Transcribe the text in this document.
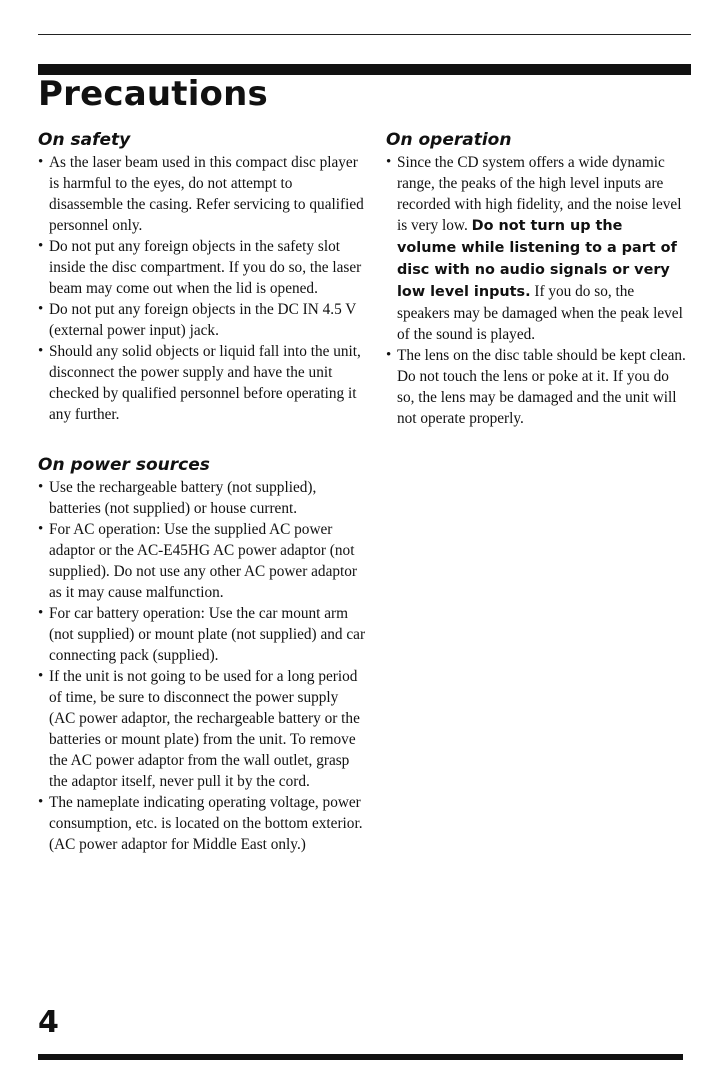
Precautions
On safety
• As the laser beam used in this compact disc player is harmful to the eyes, do not attempt to disassemble the casing. Refer servicing to qualified personnel only.
• Do not put any foreign objects in the safety slot inside the disc compartment. If you do so, the laser beam may come out when the lid is opened.
• Do not put any foreign objects in the DC IN 4.5 V (external power input) jack.
• Should any solid objects or liquid fall into the unit, disconnect the power supply and have the unit checked by qualified personnel before operating it any further.
On power sources
• Use the rechargeable battery (not supplied), batteries (not supplied) or house current.
• For AC operation: Use the supplied AC power adaptor or the AC-E45HG AC power adaptor (not supplied). Do not use any other AC power adaptor as it may cause malfunction.
• For car battery operation: Use the car mount arm (not supplied) or mount plate (not supplied) and car connecting pack (supplied).
• If the unit is not going to be used for a long period of time, be sure to disconnect the power supply (AC power adaptor, the rechargeable battery or the batteries or mount plate) from the unit. To remove the AC power adaptor from the wall outlet, grasp the adaptor itself, never pull it by the cord.
• The nameplate indicating operating voltage, power consumption, etc. is located on the bottom exterior. (AC power adaptor for Middle East only.)
On operation
• Since the CD system offers a wide dynamic range, the peaks of the high level inputs are recorded with high fidelity, and the noise level is very low. Do not turn up the volume while listening to a part of disc with no audio signals or very low level inputs. If you do so, the speakers may be damaged when the peak level of the sound is played.
• The lens on the disc table should be kept clean. Do not touch the lens or poke at it. If you do so, the lens may be damaged and the unit will not operate properly.

4
